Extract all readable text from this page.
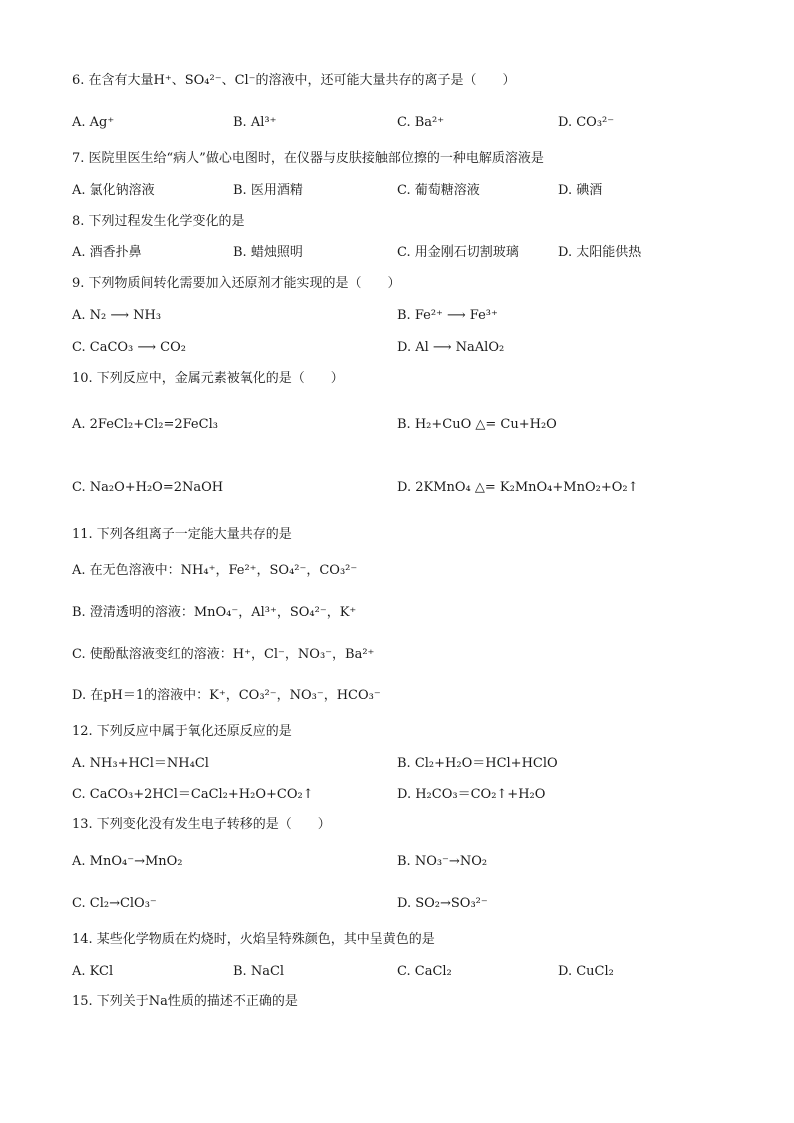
6. 在含有大量H⁺、SO₄²⁻、Cl⁻的溶液中，还可能大量共存的离子是（　　）
A. Ag⁺	B. Al³⁺	C. Ba²⁺	D. CO₃²⁻
7. 医院里医生给“病人”做心电图时，在仪器与皮肤接触部位擦的一种电解质溶液是
A. 氯化钠溶液	B. 医用酒精	C. 葡萄糖溶液	D. 碘酒
8. 下列过程发生化学变化的是
A. 酒香扑鼻	B. 蜡烛照明	C. 用金刚石切割玻璃	D. 太阳能供热
9. 下列物质间转化需要加入还原剂才能实现的是（　　）
A. N₂ ⟶ NH₃	B. Fe²⁺ ⟶ Fe³⁺
C. CaCO₃ ⟶ CO₂	D. Al ⟶ NaAlO₂
10. 下列反应中，金属元素被氧化的是（　　）
A. 2FeCl₂+Cl₂=2FeCl₃	B. H₂+CuO △= Cu+H₂O
C. Na₂O+H₂O=2NaOH	D. 2KMnO₄ △= K₂MnO₄+MnO₂+O₂↑
11. 下列各组离子一定能大量共存的是
A. 在无色溶液中：NH₄⁺，Fe²⁺，SO₄²⁻，CO₃²⁻
B. 澄清透明的溶液：MnO₄⁻，Al³⁺，SO₄²⁻，K⁺
C. 使酚酞溶液变红的溶液：H⁺，Cl⁻，NO₃⁻，Ba²⁺
D. 在pH＝1的溶液中：K⁺，CO₃²⁻，NO₃⁻，HCO₃⁻
12. 下列反应中属于氧化还原反应的是
A. NH₃+HCl＝NH₄Cl	B. Cl₂+H₂O＝HCl+HClO
C. CaCO₃+2HCl＝CaCl₂+H₂O+CO₂↑	D. H₂CO₃＝CO₂↑+H₂O
13. 下列变化没有发生电子转移的是（　　）
A. MnO₄⁻→MnO₂	B. NO₃⁻→NO₂
C. Cl₂→ClO₃⁻	D. SO₂→SO₃²⁻
14. 某些化学物质在灼烧时，火焰呈特殊颜色，其中呈黄色的是
A. KCl	B. NaCl	C. CaCl₂	D. CuCl₂
15. 下列关于Na性质的描述不正确的是
